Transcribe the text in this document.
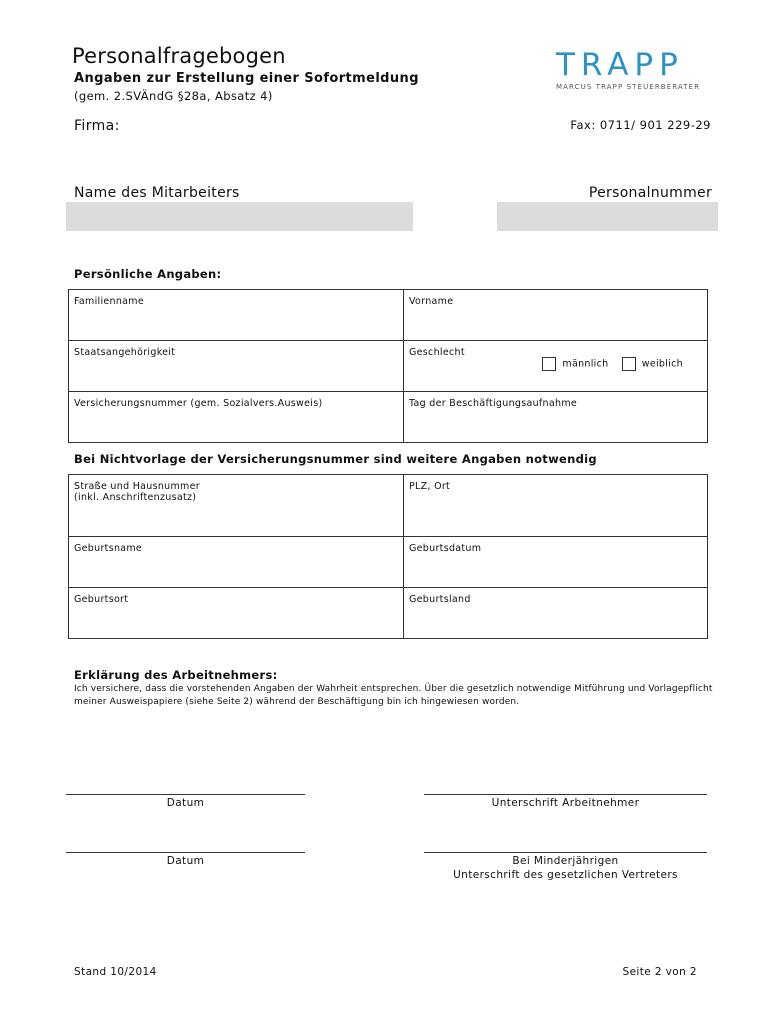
Personalfragebogen
Angaben zur Erstellung einer Sofortmeldung
(gem. 2.SVÄndG §28a, Absatz 4)
Firma:	Fax: 0711/ 901 229-29
TRAPP
MARCUS TRAPP STEUERBERATER
Name des Mitarbeiters	Personalnummer
Persönliche Angaben:
Familienname	Vorname
Staatsangehörigkeit	Geschlecht
männlich weiblich

Versicherungsnummer (gem. Sozialvers.Ausweis)	Tag der Beschäftigungsaufnahme
Bei Nichtvorlage der Versicherungsnummer sind weitere Angaben notwendig
Straße und Hausnummer
(inkl. Anschriftenzusatz)	PLZ, Ort
Geburtsname	Geburtsdatum
Geburtsort	Geburtsland
Erklärung des Arbeitnehmers:
Ich versichere, dass die vorstehenden Angaben der Wahrheit entsprechen. Über die gesetzlich notwendige Mitführung und Vorlagepflicht meiner Ausweispapiere (siehe Seite 2) während der Beschäftigung bin ich hingewiesen worden.
Datum	Unterschrift Arbeitnehmer
Datum	Bei Minderjährigen
Unterschrift des gesetzlichen Vertreters
Stand 10/2014	Seite 2 von 2
